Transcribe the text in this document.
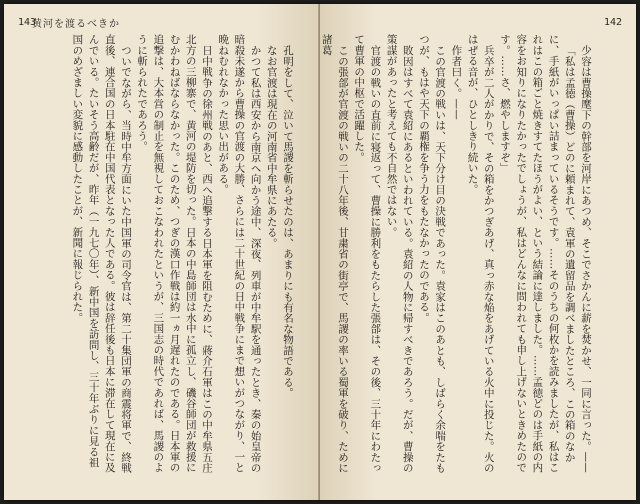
143
黄河を渡るべきか

孔明をして、泣いて馬謖を斬らせたのは、あまりにも有名な物語である。

なお官渡は現在の河南省中牟県にあたる。

かつて私は西安から南京へ向かう途中、深夜、列車が中牟駅を通ったとき、秦の始皇帝の暗殺未遂から曹操の官渡の大勝、さらには二十世紀の日中戦争にまで想いがつながり、一と晩ねむれなかった思い出がある。

日中戦争の徐州戦のあと、西へ追撃する日本軍を阻むために、蔣介石軍はこの中牟県五庄北方の三柳寨で、黄河の堤防を切った。日本の中島師団は水中に孤立し、磯谷師団が救援にむかわねばならなかった。このため、つぎの漢口作戦は約一ヵ月遅れたのである。日本軍の追撃は、大本営の制止を無視しておこなわれたというが、三国志の時代であれば、馬謖のように斬られたであろう。

ついでながら、当時中牟方面にいた中国軍の司令官は、第二十集団軍の商震将軍で、終戦直後、連合国の日本駐在中国代表となった人である。彼は辞任後も日本に滞在して現在に及んでいる。たいそう高齢だが、昨年（一九七〇年）、新中国を訪問し、三十年ぶりに見る祖国のめざましい変貌に感動したことが、新聞に報じられた。

142

少容は曹操麾下の幹部を河岸にあつめ、そこでさかんに薪を焚かせ、一同に言った。——

「私は孟徳（曹操）どのに頼まれて、袁軍の遺留品を調べましたところ、この箱のなかに、手紙がいっぱい詰まっているそうです。……そのうちの何枚かを読みましたが、私はこれはこの箱ごと焼きすてたほうがよい、という結論に達しました。……孟徳どのは手紙の内容をお知りになりたかったでしょうが、私はどんなに問われても申し上げないときめたのです。……さ、燃やしますぞ」

兵卒が二人がかりで、その箱をかつぎあげ、真っ赤な焔をあげている火中に投じた。火のはぜる音が、ひとしきり続いた。

作者曰く。——

この官渡の戦いは、天下分け目の決戦であった。袁家はこのあとも、しばらく余喘をたもつが、もはや天下の覇権を争う力をもたなかったのである。

敗因はすべて袁紹にあるといわれている。袁紹の人物に帰すべきであろう。だが、曹操の策謀があったと考えても不自然ではない。

官渡の戦いの直前に寝返って、曹操に勝利をもたらした張郃は、その後、三十年にわたって曹軍の中枢で活躍した。

この張郃が官渡の戦いの二十八年後、甘粛省の街亭で、馬謖の率いる蜀軍を破り、ために諸葛
